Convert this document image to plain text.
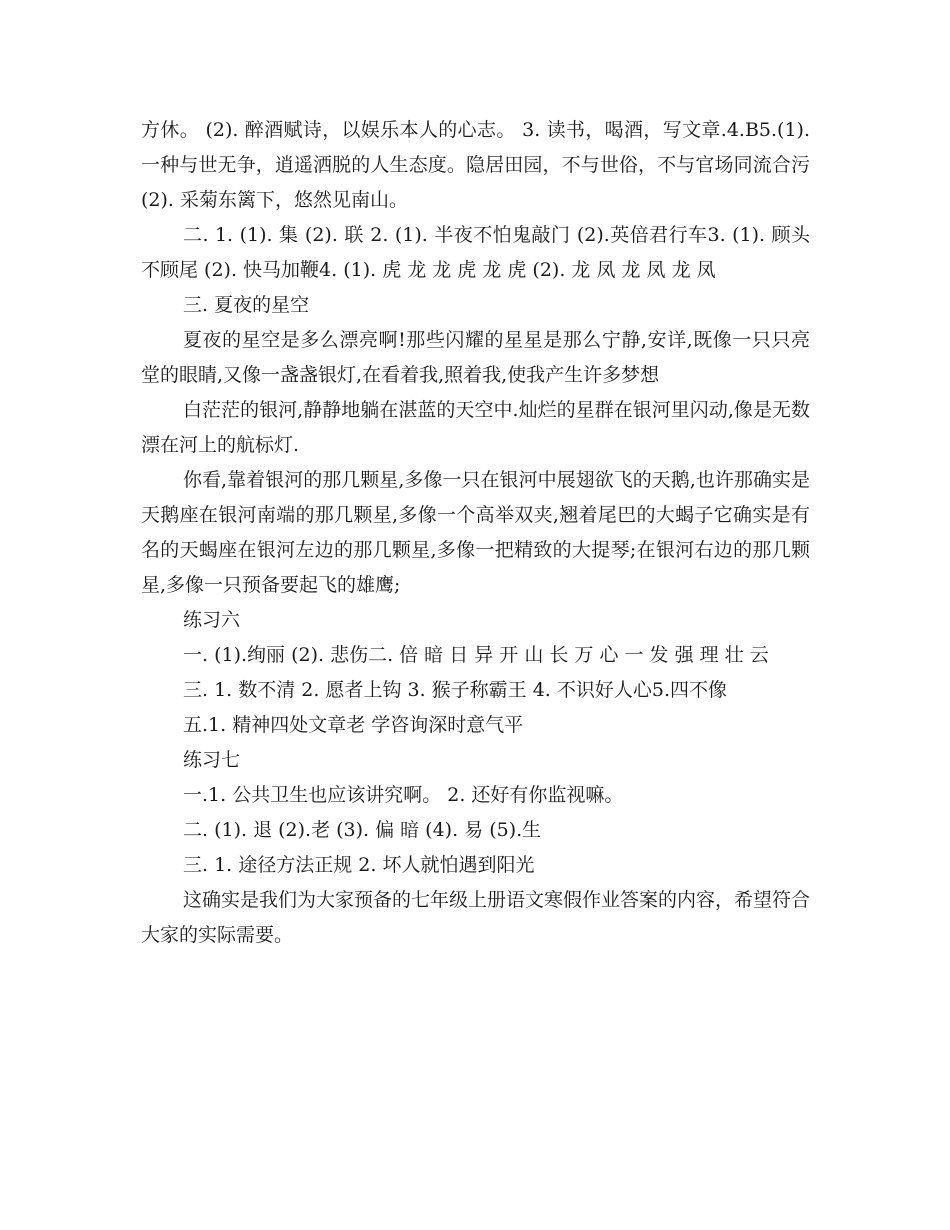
方休。 (2). 醉酒赋诗，以娱乐本人的心志。 3. 读书，喝酒，写文章.4.B5.(1). 一种与世无争，逍遥洒脱的人生态度。隐居田园，不与世俗，不与官场同流合污(2). 采菊东篱下，悠然见南山。

二. 1. (1). 集 (2). 联 2. (1). 半夜不怕鬼敲门 (2).英倍君行车3. (1). 顾头不顾尾 (2). 快马加鞭4. (1). 虎 龙 龙 虎 龙 虎 (2). 龙 凤 龙 凤 龙 凤

三. 夏夜的星空

夏夜的星空是多么漂亮啊!那些闪耀的星星是那么宁静,安详,既像一只只亮堂的眼睛,又像一盏盏银灯,在看着我,照着我,使我产生许多梦想

白茫茫的银河,静静地躺在湛蓝的天空中.灿烂的星群在银河里闪动,像是无数漂在河上的航标灯.

你看,靠着银河的那几颗星,多像一只在银河中展翅欲飞的天鹅,也许那确实是天鹅座在银河南端的那几颗星,多像一个高举双夹,翘着尾巴的大蝎子它确实是有名的天蝎座在银河左边的那几颗星,多像一把精致的大提琴;在银河右边的那几颗星,多像一只预备要起飞的雄鹰;

练习六

一. (1).绚丽 (2). 悲伤二. 倍 暗 日 异 开 山 长 万 心 一 发 强 理 壮 云

三. 1. 数不清 2. 愿者上钩 3. 猴子称霸王 4. 不识好人心5.四不像

五.1. 精神四处文章老 学咨询深时意气平

练习七

一.1. 公共卫生也应该讲究啊。 2. 还好有你监视嘛。

二. (1). 退 (2).老 (3). 偏 暗 (4). 易 (5).生

三. 1. 途径方法正规 2. 坏人就怕遇到阳光

这确实是我们为大家预备的七年级上册语文寒假作业答案的内容，希望符合大家的实际需要。
